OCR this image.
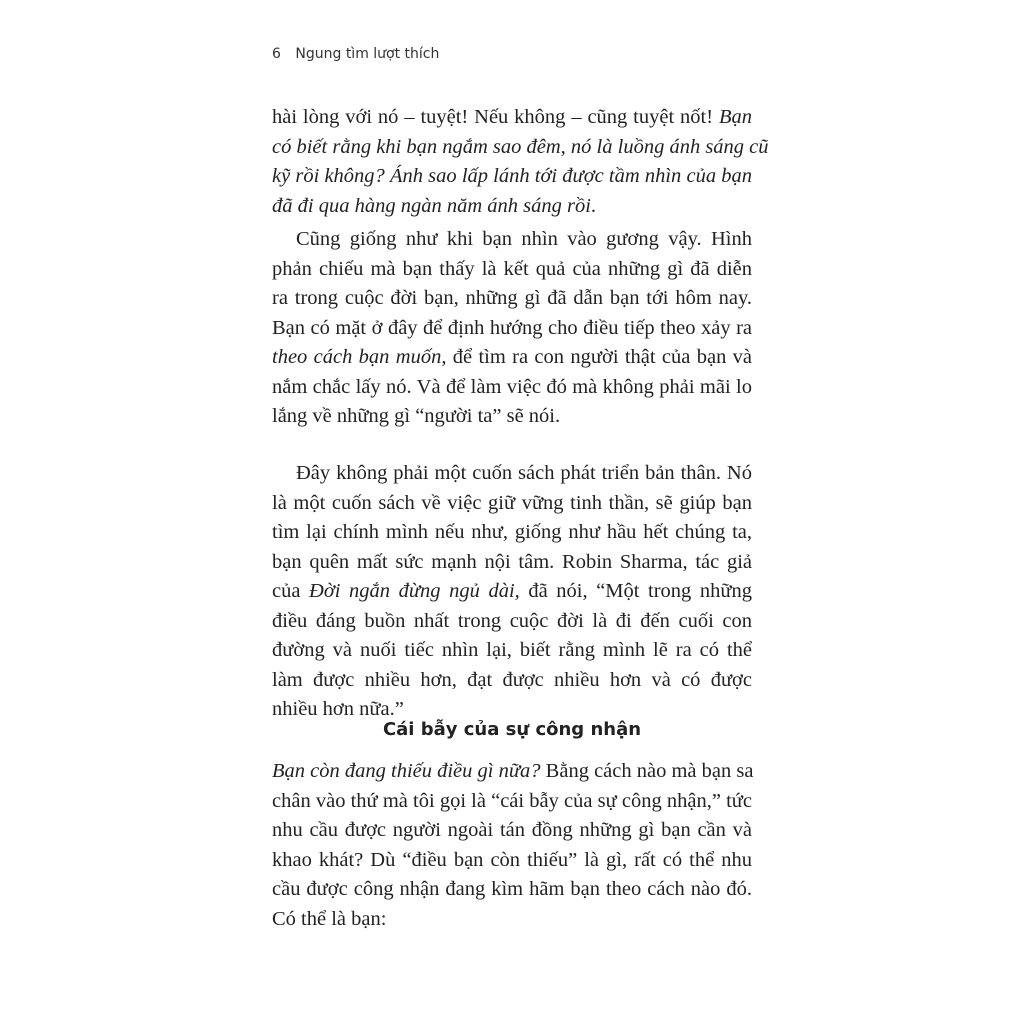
6 Ngung tìm lượt thích
hài lòng với nó – tuyệt! Nếu không – cũng tuyệt nốt! Bạn
có biết rằng khi bạn ngắm sao đêm, nó là luồng ánh sáng cũ
kỹ rồi không? Ánh sao lấp lánh tới được tầm nhìn của bạn
đã đi qua hàng ngàn năm ánh sáng rồi.
Cũng giống như khi bạn nhìn vào gương vậy. Hình
phản chiếu mà bạn thấy là kết quả của những gì đã diễn
ra trong cuộc đời bạn, những gì đã dẫn bạn tới hôm nay.
Bạn có mặt ở đây để định hướng cho điều tiếp theo xảy ra
theo cách bạn muốn, để tìm ra con người thật của bạn và
nắm chắc lấy nó. Và để làm việc đó mà không phải mãi lo
lắng về những gì “người ta” sẽ nói.
Đây không phải một cuốn sách phát triển bản thân. Nó
là một cuốn sách về việc giữ vững tinh thần, sẽ giúp bạn
tìm lại chính mình nếu như, giống như hầu hết chúng ta,
bạn quên mất sức mạnh nội tâm. Robin Sharma, tác giả
của Đời ngắn đừng ngủ dài, đã nói, “Một trong những
điều đáng buồn nhất trong cuộc đời là đi đến cuối con
đường và nuối tiếc nhìn lại, biết rằng mình lẽ ra có thể
làm được nhiều hơn, đạt được nhiều hơn và có được
nhiều hơn nữa.”
Cái bẫy của sự công nhận
Bạn còn đang thiếu điều gì nữa? Bằng cách nào mà bạn sa
chân vào thứ mà tôi gọi là “cái bẫy của sự công nhận,” tức
nhu cầu được người ngoài tán đồng những gì bạn cần và
khao khát? Dù “điều bạn còn thiếu” là gì, rất có thể nhu
cầu được công nhận đang kìm hãm bạn theo cách nào đó.
Có thể là bạn:
